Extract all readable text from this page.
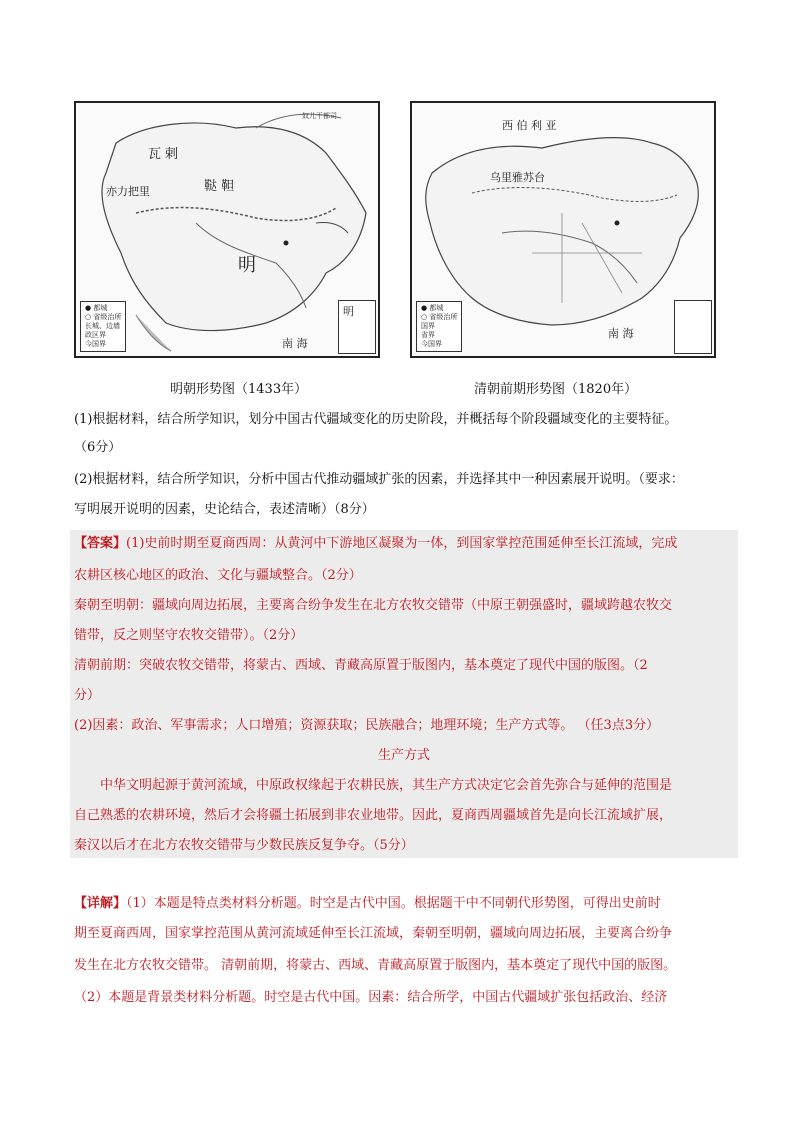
瓦 剌
鞑 靼
亦力把里
明
奴儿干都司
南 海
● 都城
○ 省级治所
长城、边墙
政区界
今国界
明
西 伯 利 亚
乌里雅苏台
南 海
● 都城
○ 省级治所
国界
省界
今国界
明朝形势图（1433年）	清朝前期形势图（1820年）
(1)根据材料，结合所学知识，划分中国古代疆域变化的历史阶段，并概括每个阶段疆域变化的主要特征。
（6分）
(2)根据材料，结合所学知识，分析中国古代推动疆域扩张的因素，并选择其中一种因素展开说明。（要求：
写明展开说明的因素，史论结合，表述清晰）（8分）
【答案】(1)史前时期至夏商西周：从黄河中下游地区凝聚为一体，到国家掌控范围延伸至长江流域，完成
农耕区核心地区的政治、文化与疆域整合。（2分）
秦朝至明朝：疆域向周边拓展，主要离合纷争发生在北方农牧交错带（中原王朝强盛时，疆域跨越农牧交
错带，反之则坚守农牧交错带）。（2分）
清朝前期：突破农牧交错带，将蒙古、西域、青藏高原置于版图内，基本奠定了现代中国的版图。（2
分）
(2)因素：政治、军事需求；人口增殖；资源获取；民族融合；地理环境；生产方式等。 （任3点3分）
生产方式
中华文明起源于黄河流域，中原政权缘起于农耕民族，其生产方式决定它会首先弥合与延伸的范围是
自己熟悉的农耕环境，然后才会将疆土拓展到非农业地带。因此，夏商西周疆域首先是向长江流域扩展，
秦汉以后才在北方农牧交错带与少数民族反复争夺。（5分）
【详解】（1）本题是特点类材料分析题。时空是古代中国。根据题干中不同朝代形势图，可得出史前时
期至夏商西周，国家掌控范围从黄河流域延伸至长江流域，秦朝至明朝，疆域向周边拓展，主要离合纷争
发生在北方农牧交错带。 清朝前期，将蒙古、西域、青藏高原置于版图内，基本奠定了现代中国的版图。
（2）本题是背景类材料分析题。时空是古代中国。因素：结合所学，中国古代疆域扩张包括政治、经济
